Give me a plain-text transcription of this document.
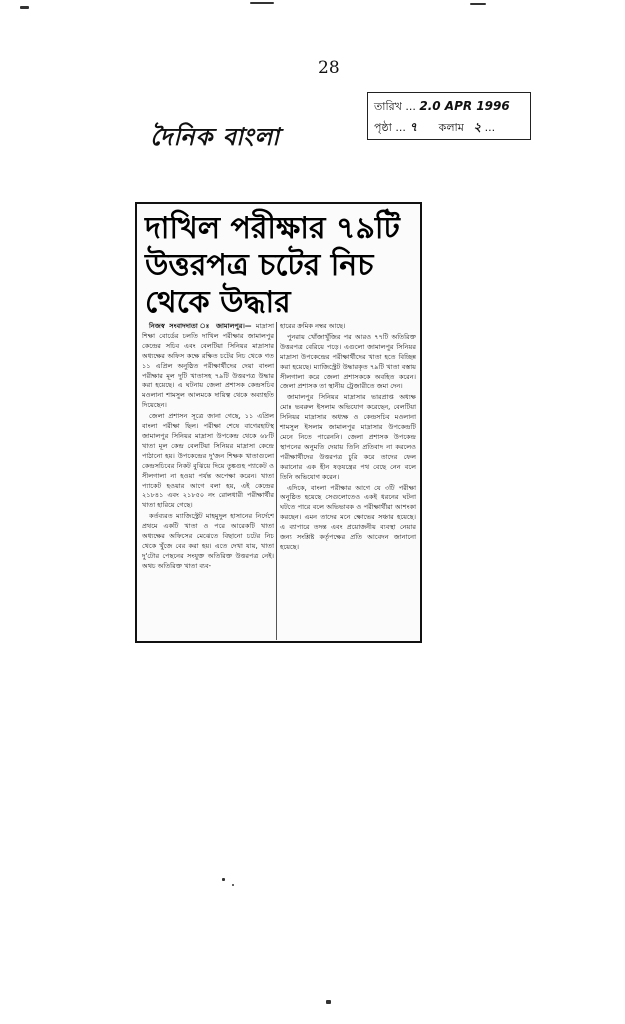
28
তারিখ ... 2.0 APR 1996
পৃষ্ঠা ... ৭ কলাম ২ ...
দৈনিক বাংলা
দাখিল পরীক্ষার ৭৯টি
উত্তরপত্র চটের নিচ
থেকে উদ্ধার

নিজস্ব সংবাদদাতা ঃ জামালপুর।— মাদ্রাসা শিক্ষা বোর্ডের চলতি দাখিল পরীক্ষার জামালপুর কেন্দ্রের সচিব এবং বেলটিয়া সিনিয়র মাদ্রাসার অধ্যক্ষের অফিস কক্ষে রক্ষিত চটের নিচ থেকে গত ১১ এপ্রিল অনুষ্ঠিত পরীক্ষার্থীদের দেয়া বাংলা পরীক্ষার মূল দুটি খাতাসহ ৭৯টি উত্তরপত্র উদ্ধার করা হয়েছে। এ ঘটনায় জেলা প্রশাসক কেন্দ্রসচিব মওলানা শামসুল আলমকে দায়িত্ব থেকে অব্যাহতি দিয়েছেন।

জেলা প্রশাসন সূত্রে জানা গেছে, ১১ এপ্রিল বাংলা পরীক্ষা ছিল। পরীক্ষা শেষে বাগেরহাটস্থ জামালপুর সিনিয়র মাদ্রাসা উপকেন্দ্র থেকে ৬৮টি খাতা মূল কেন্দ্র বেলটিয়া সিনিয়র মাদ্রাসা কেন্দ্রে পাঠানো হয়। উপকেন্দ্রের দু'জন শিক্ষক খাতাগুলো কেন্দ্রসচিবের নিকট বুঝিয়ে দিয়ে তুঙ্কগুহ প্যাকেট ও সীলগালা না হওয়া পর্যন্ত অপেক্ষা করেন। খাতা প্যাকেট হওয়ার আগে বলা হয়, এই কেন্দ্রের ২১৮৪১ এবং ২১৮৫০ নং রোলধারী পরীক্ষার্থীর খাতা হারিয়ে গেছে।

কর্তব্যরত ম্যাজিস্ট্রেট মাহমুদুল হাসানের নির্দেশে প্রথমে একটি খাতা ও পরে আরেকটি খাতা অধ্যক্ষের অফিসের মেঝেতে বিছানো চটের নিচ থেকে খুঁজে বের করা হয়। এতে দেখা যায়, খাতা দু'টোর পেছনের সংযুক্ত অতিরিক্ত উত্তরপত্র নেই। অথচ অতিরিক্ত খাতা ব্যব-

হারের ক্রমিক নম্বর আছে।

পুনরায় খোঁজাখুঁজির পর আরও ৭৭টি অতিরিক্ত উত্তরপত্র বেরিয়ে পড়ে। এগুলো জামালপুর সিনিয়র মাদ্রাসা উপকেন্দ্রের পরীক্ষার্থীদের খাতা হতে বিচ্ছিন্ন করা হয়েছে। ম্যাজিস্ট্রেট উদ্ধারকৃত ৭৯টি খাতা বস্তায় সীলগালা করে জেলা প্রশাসককে অবহিত করেন। জেলা প্রশাসক তা স্থানীয় ট্রেজারীতে জমা দেন।

জামালপুর সিনিয়র মাদ্রাসার ভারপ্রাপ্ত অধ্যক্ষ মোঃ ভবরুল ইসলাম অভিযোগ করেছেন, বেলটিয়া সিনিয়র মাদ্রাসার অধ্যক্ষ ও কেন্দ্রসচিব মওলানা শামসুল ইসলাম জামালপুর মাদ্রাসার উপকেন্দ্রটি মেনে নিতে পারেননি। জেলা প্রশাসক উপকেন্দ্র স্থাপনের অনুমতি দেয়ায় তিনি প্রতিবাদ না করলেও পরীক্ষার্থীদের উত্তরপত্র চুরি করে তাদের ফেল করানোর এক হীন ষড়যন্ত্রের পথ বেছে নেন বলে তিনি অভিযোগ করেন।

এদিকে, বাংলা পরীক্ষার আগে যে ৩টি পরীক্ষা অনুষ্ঠিত হয়েছে সেগুলোতেও একই ধরনের ঘটনা ঘটতে পারে বলে অভিভাবক ও পরীক্ষার্থীরা আশংকা করছেন। এমন তাদের মনে ক্ষোভের সঞ্চার হয়েছে। এ ব্যাপারে তদন্ত এবং প্রয়োজনীয় ব্যবস্থা নেয়ার জন্য সংশ্লিষ্ট কর্তৃপক্ষের প্রতি আবেদন জানানো হয়েছে।
